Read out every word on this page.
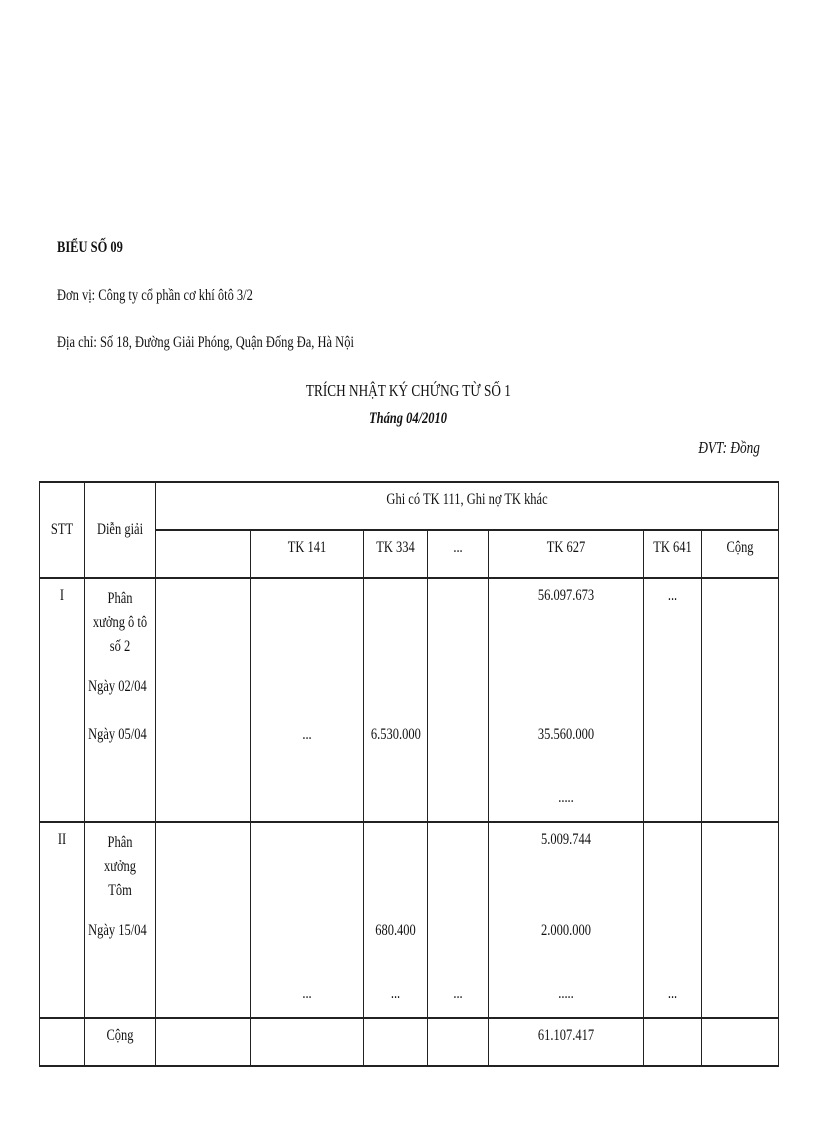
BIỂU SỐ 09
Đơn vị: Công ty cổ phần cơ khí ôtô 3/2
Địa chỉ: Số 18, Đường Giải Phóng, Quận Đống Đa, Hà Nội
TRÍCH NHẬT KÝ CHỨNG TỪ SỐ 1
Tháng 04/2010
ĐVT: Đồng
STT	Diễn giải	Ghi có TK 111, Ghi nợ TK khác						

			TK 141	TK 334	...	TK 627	TK 641	Cộng

I	Phân
xưởng ô tô
số 2					56.097.673	...	

	Ngày 02/04							

	Ngày 05/04		...	6.530.000		35.560.000		

						.....		

II	Phân
xưởng
Tôm					5.009.744		

	Ngày 15/04			680.400		2.000.000		

			...	...	...	.....	...	

	Cộng					61.107.417		
